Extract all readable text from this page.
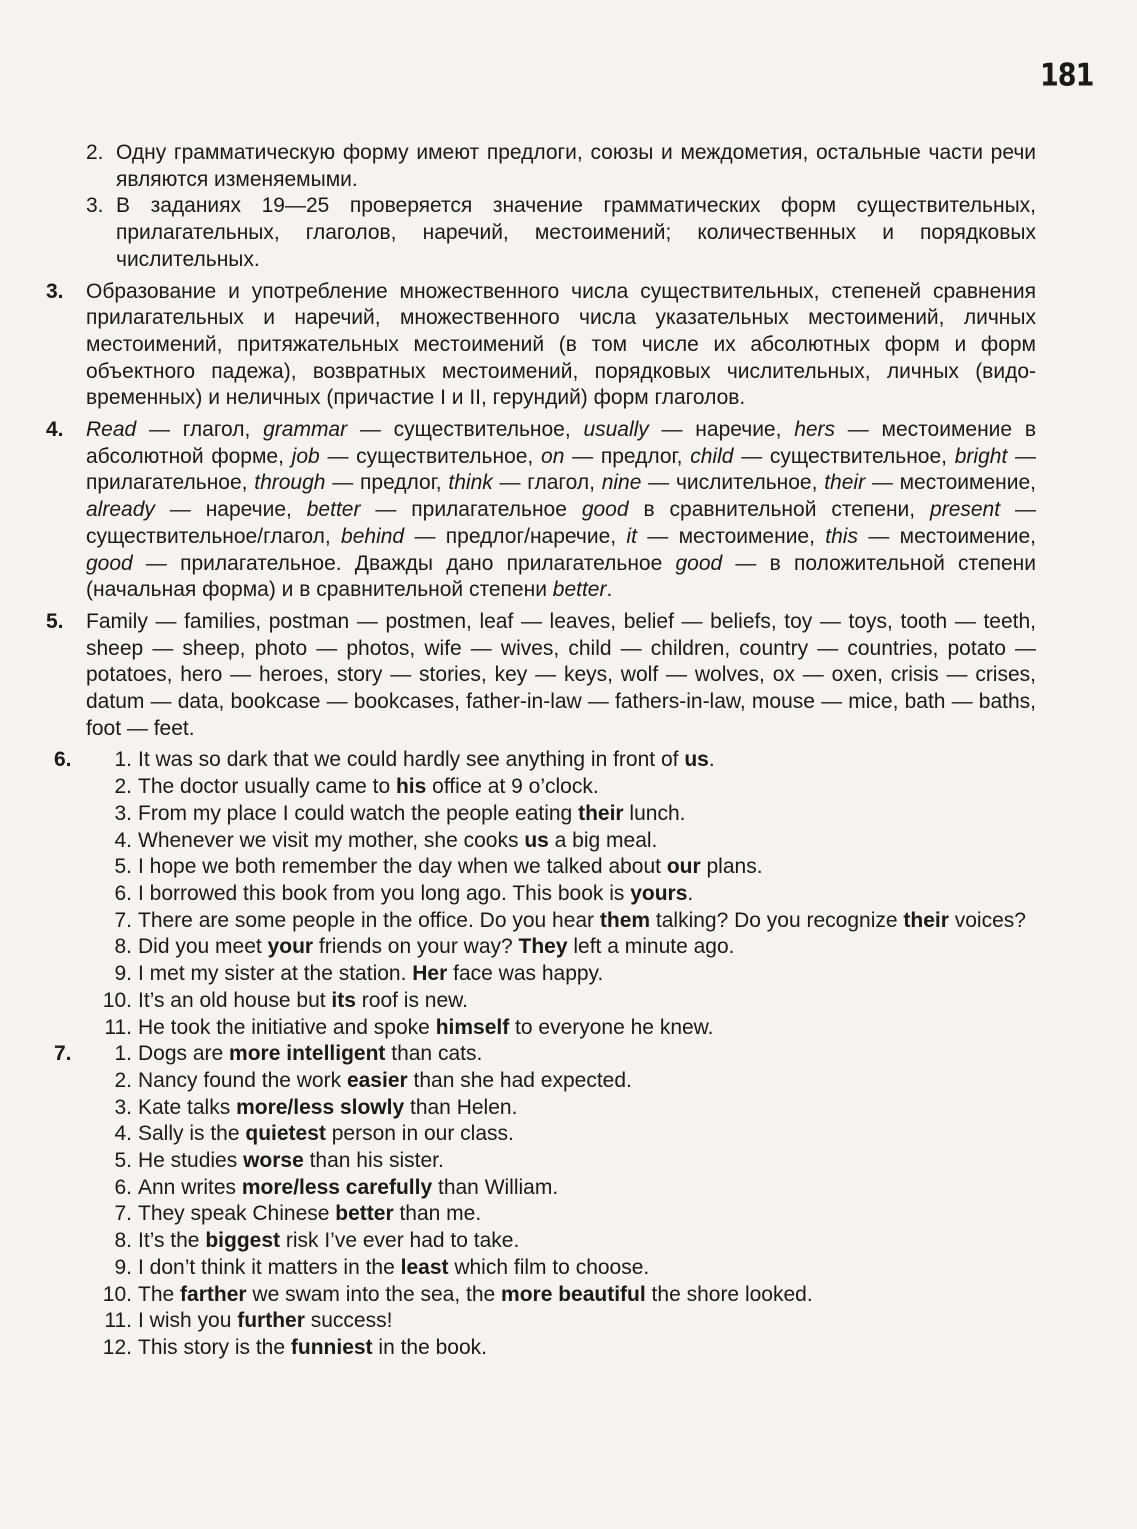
181
2. Одну грамматическую форму имеют предлоги, союзы и междометия, остальные части речи являются изменяемыми.
3. В заданиях 19—25 проверяется значение грамматических форм существительных, прилагательных, глаголов, наречий, местоимений; количественных и порядковых числительных.
3. Образование и употребление множественного числа существительных, степеней сравнения прилагательных и наречий, множественного числа указательных местоимений, личных местоимений, притяжательных местоимений (в том числе их абсолютных форм и форм объектного падежа), возвратных местоимений, порядковых числительных, личных (видо-временных) и неличных (причастие I и II, герундий) форм глаголов.
4. Read — глагол, grammar — существительное, usually — наречие, hers — местоимение в абсолютной форме, job — существительное, on — предлог, child — существительное, bright — прилагательное, through — предлог, think — глагол, nine — числительное, their — местоимение, already — наречие, better — прилагательное good в сравнительной степени, present — существительное/глагол, behind — предлог/наречие, it — местоимение, this — местоимение, good — прилагательное. Дважды дано прилагательное good — в положительной степени (начальная форма) и в сравнительной степени better.
5. Family — families, postman — postmen, leaf — leaves, belief — beliefs, toy — toys, tooth — teeth, sheep — sheep, photo — photos, wife — wives, child — children, country — countries, potato — potatoes, hero — heroes, story — stories, key — keys, wolf — wolves, ox — oxen, crisis — crises, datum — data, bookcase — bookcases, father-in-law — fathers-in-law, mouse — mice, bath — baths, foot — feet.
6.	1. It was so dark that we could hardly see anything in front of us.
2. The doctor usually came to his office at 9 o’clock.
3. From my place I could watch the people eating their lunch.
4. Whenever we visit my mother, she cooks us a big meal.
5. I hope we both remember the day when we talked about our plans.
6. I borrowed this book from you long ago. This book is yours.
7. There are some people in the office. Do you hear them talking? Do you recognize their voices?
8. Did you meet your friends on your way? They left a minute ago.
9. I met my sister at the station. Her face was happy.
10. It’s an old house but its roof is new.
11. He took the initiative and spoke himself to everyone he knew.
7.	1. Dogs are more intelligent than cats.
2. Nancy found the work easier than she had expected.
3. Kate talks more/less slowly than Helen.
4. Sally is the quietest person in our class.
5. He studies worse than his sister.
6. Ann writes more/less carefully than William.
7. They speak Chinese better than me.
8. It’s the biggest risk I’ve ever had to take.
9. I don’t think it matters in the least which film to choose.
10. The farther we swam into the sea, the more beautiful the shore looked.
11. I wish you further success!
12. This story is the funniest in the book.
